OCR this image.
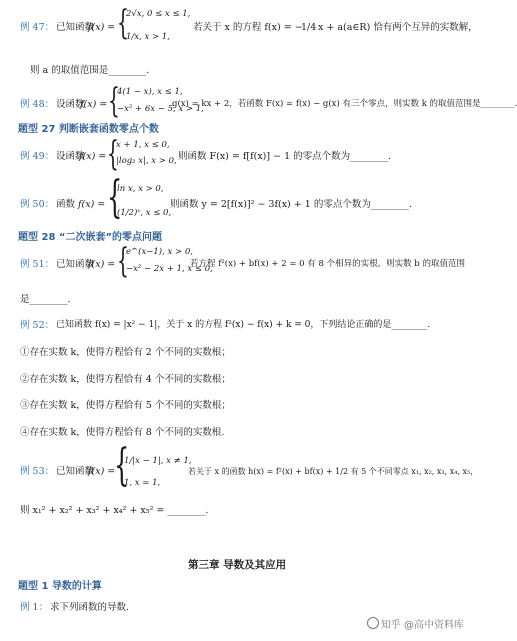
例 47： 已知函数
f(x) = {
2√x, 0 ≤ x ≤ 1,
1/x, x > 1,
若关于 x 的方程 f(x) = −
1/4 x + a(a∈R) 恰有两个互异的实数解，
则 a 的取值范围是________.
例 48： 设函数
f(x) = {
4(1 − x), x ≤ 1,
−x² + 6x − 5, x > 1,
g(x) = kx + 2，若函数 F(x) = f(x) − g(x) 有三个零点，则实数 k 的取值范围是________.
题型 27 判断嵌套函数零点个数
例 49： 设函数
f(x) = {
x + 1, x ≤ 0,
|log₂ x|, x > 0, 则函数 F(x) = f[f(x)] − 1 的零点个数为________.
例 50： 函数 f(x) = {
ln x, x > 0,
(1/2)ˣ, x ≤ 0,
则函数 y = 2[f(x)]² − 3f(x) + 1 的零点个数为________.
题型 28 “二次嵌套”的零点问题
例 51： 已知函数
f(x) = {
e^(x−1), x > 0,
−x² − 2x + 1, x ≤ 0,
若方程 f²(x) + bf(x) + 2 = 0 有 8 个相异的实根，则实数 b 的取值范围
是________.
例 52： 已知函数 f(x) = |x² − 1|，关于 x 的方程 f²(x) − f(x) + k = 0，下列结论正确的是________.
①存在实数 k，使得方程恰有 2 个不同的实数根；
②存在实数 k，使得方程恰有 4 个不同的实数根；
③存在实数 k，使得方程恰有 5 个不同的实数根；
④存在实数 k，使得方程恰有 8 个不同的实数根.
例 53： 已知函数
f(x) =
{
1/|x − 1|, x ≠ 1,
1, x = 1,
若关于 x 的函数 h(x) = f²(x) + bf(x) + 1/2 有 5 个不同零点 x₁, x₂, x₃, x₄, x₅，
则 x₁² + x₂² + x₃² + x₄² + x₅² = ________.
第三章 导数及其应用
题型 1 导数的计算
例 1： 求下列函数的导数.
知乎 @高中资料库
